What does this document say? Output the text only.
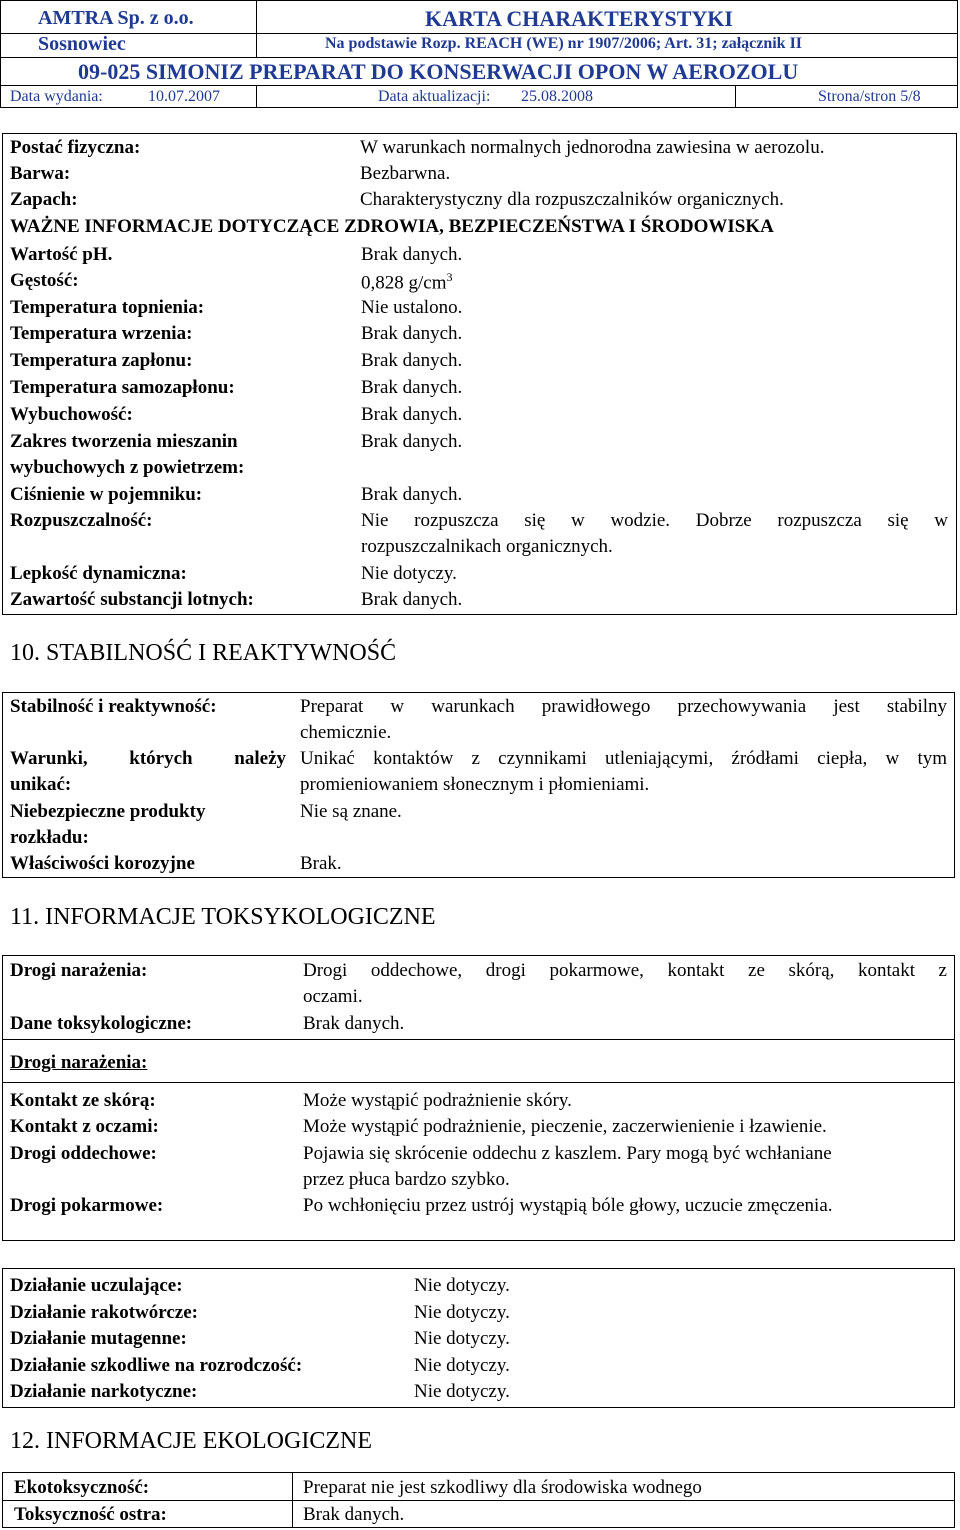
AMTRA Sp. z o.o.
Sosnowiec
KARTA CHARAKTERYSTYKI
Na podstawie Rozp. REACH (WE) nr 1907/2006; Art. 31; załącznik II
09-025 SIMONIZ PREPARAT DO KONSERWACJI OPON W AEROZOLU
Data wydania:	10.07.2007	Data aktualizacji: 25.08.2008	Strona/stron 5/8
Postać fizyczna:	W warunkach normalnych jednorodna zawiesina w aerozolu.
Barwa:	Bezbarwna.
Zapach:	Charakterystyczny dla rozpuszczalników organicznych.
WAŻNE INFORMACJE DOTYCZĄCE ZDROWIA, BEZPIECZEŃSTWA I ŚRODOWISKA
Wartość pH.	Brak danych.
Gęstość:	0,828 $g/cm^3$
Temperatura topnienia:	Nie ustalono.
Temperatura wrzenia:	Brak danych.
Temperatura zapłonu:	Brak danych.
Temperatura samozapłonu:	Brak danych.
Wybuchowość:	Brak danych.
Zakres tworzenia mieszanin
wybuchowych z powietrzem:
Brak danych.
Ciśnienie w pojemniku:	Brak danych.
Rozpuszczalność:	Nie rozpuszcza się w wodzie. Dobrze rozpuszcza się w
rozpuszczalnikach organicznych.
Lepkość dynamiczna:	Nie dotyczy.
Zawartość substancji lotnych:	Brak danych.
10. STABILNOŚĆ I REAKTYWNOŚĆ
Stabilność i reaktywność:	Preparat w warunkach prawidłowego przechowywania jest stabilny
chemicznie.
Warunki, których należy
unikać:
Unikać kontaktów z czynnikami utleniającymi, źródłami ciepła, w tym
promieniowaniem słonecznym i płomieniami.
Niebezpieczne produkty
rozkładu:
Nie są znane.
Właściwości korozyjne	Brak.
11. INFORMACJE TOKSYKOLOGICZNE
Drogi narażenia:	Drogi oddechowe, drogi pokarmowe, kontakt ze skórą, kontakt z
oczami.
Dane toksykologiczne:	Brak danych.
Drogi narażenia:
Kontakt ze skórą:	Może wystąpić podrażnienie skóry.
Kontakt z oczami:	Może wystąpić podrażnienie, pieczenie, zaczerwienienie i łzawienie.
Drogi oddechowe:	Pojawia się skrócenie oddechu z kaszlem. Pary mogą być wchłaniane
przez płuca bardzo szybko.
Drogi pokarmowe:	Po wchłonięciu przez ustrój wystąpią bóle głowy, uczucie zmęczenia.
Działanie uczulające:	Nie dotyczy.
Działanie rakotwórcze:	Nie dotyczy.
Działanie mutagenne:	Nie dotyczy.
Działanie szkodliwe na rozrodczość:	Nie dotyczy.
Działanie narkotyczne:	Nie dotyczy.
12. INFORMACJE EKOLOGICZNE
Ekotoksyczność:	Preparat nie jest szkodliwy dla środowiska wodnego
Toksyczność ostra:	Brak danych.
